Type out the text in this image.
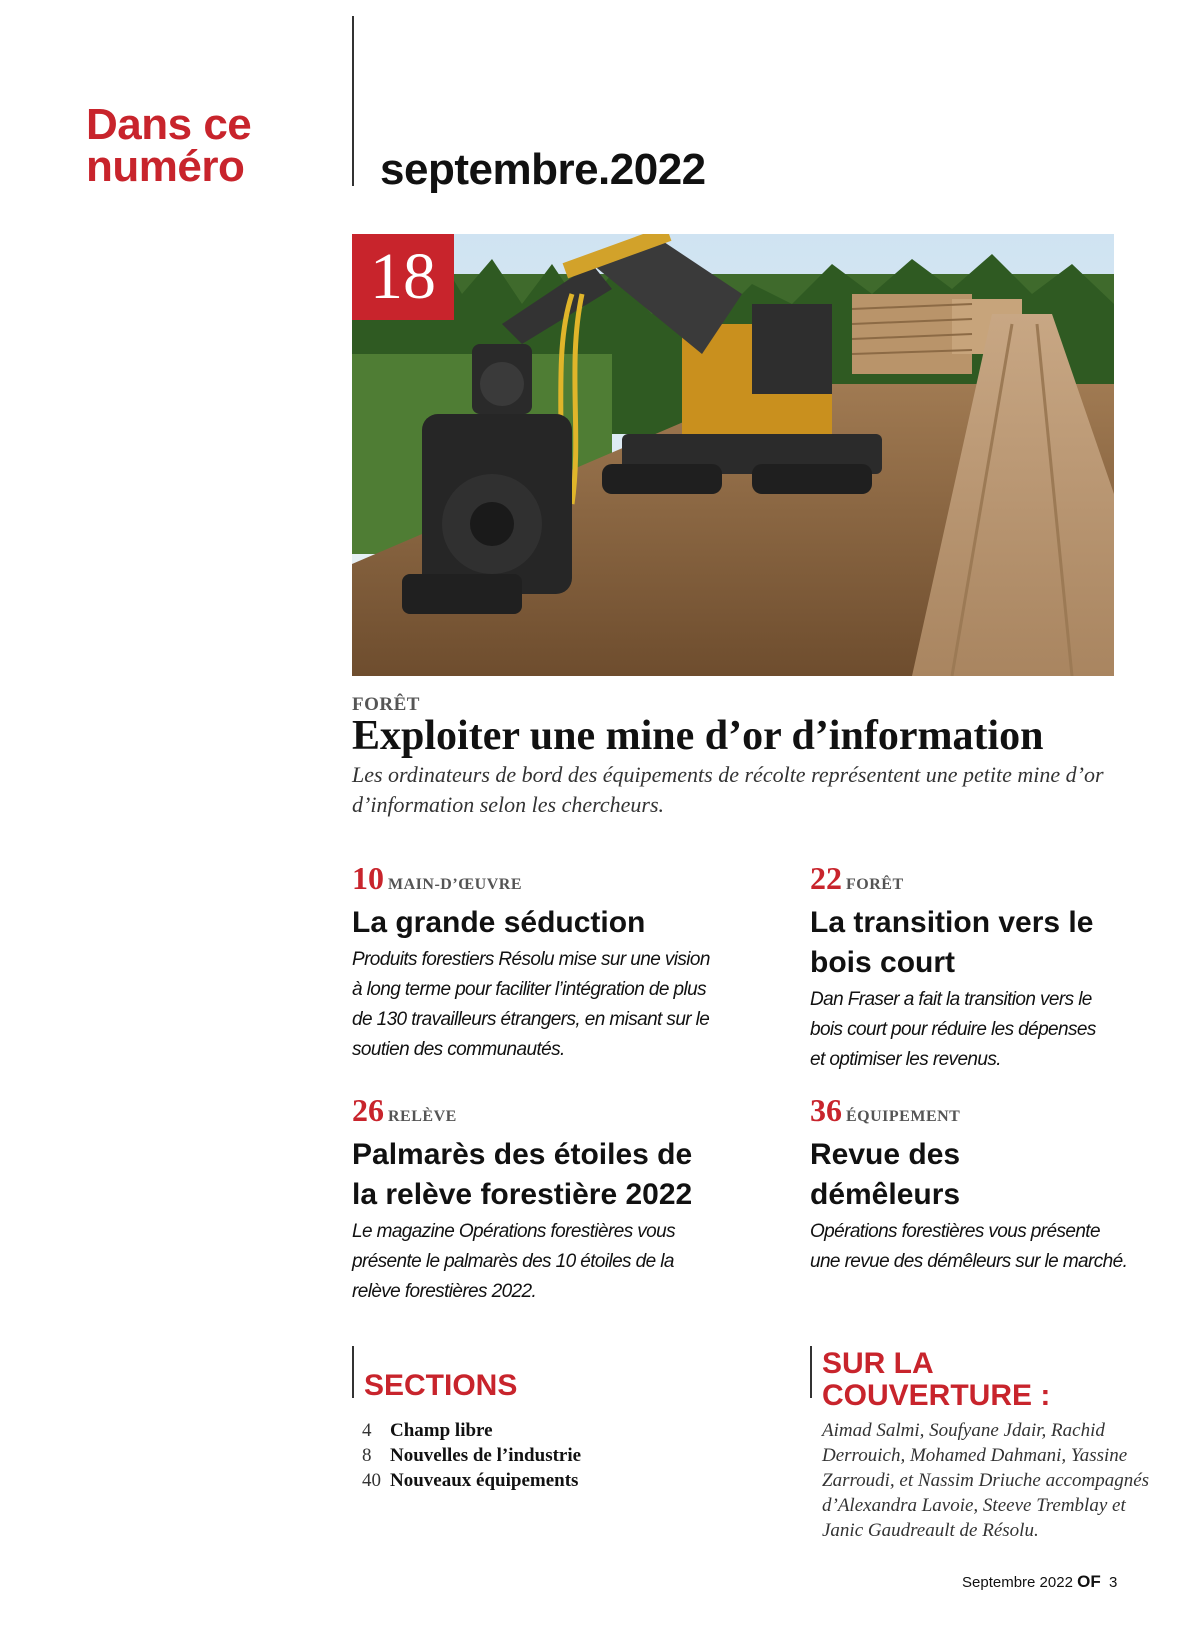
Dans ce
numéro	septembre.2022
18
FORÊT
Exploiter une mine d’or d’information
Les ordinateurs de bord des équipements de récolte représentent une petite mine d’or d’information selon les chercheurs.
10 MAIN-D’ŒUVRE
La grande séduction
Produits forestiers Résolu mise sur une vision à long terme pour faciliter l’intégration de plus de 130 travailleurs étrangers, en misant sur le soutien des communautés.
22 FORÊT
La transition vers le bois court
Dan Fraser a fait la transition vers le bois court pour réduire les dépenses et optimiser les revenus.
26 RELÈVE
Palmarès des étoiles de la relève forestière 2022
Le magazine Opérations forestières vous présente le palmarès des 10 étoiles de la relève forestières 2022.
36 ÉQUIPEMENT
Revue des démêleurs
Opérations forestières vous présente une revue des démêleurs sur le marché.
SECTIONS
4 Champ libre
8 Nouvelles de l’industrie
40 Nouveaux équipements
SUR LA
COUVERTURE :
Aimad Salmi, Soufyane Jdair, Rachid Derrouich, Mohamed Dahmani, Yassine Zarroudi, et Nassim Driuche accompagnés d’Alexandra Lavoie, Steeve Tremblay et Janic Gaudreault de Résolu.
Septembre 2022 OF 3
